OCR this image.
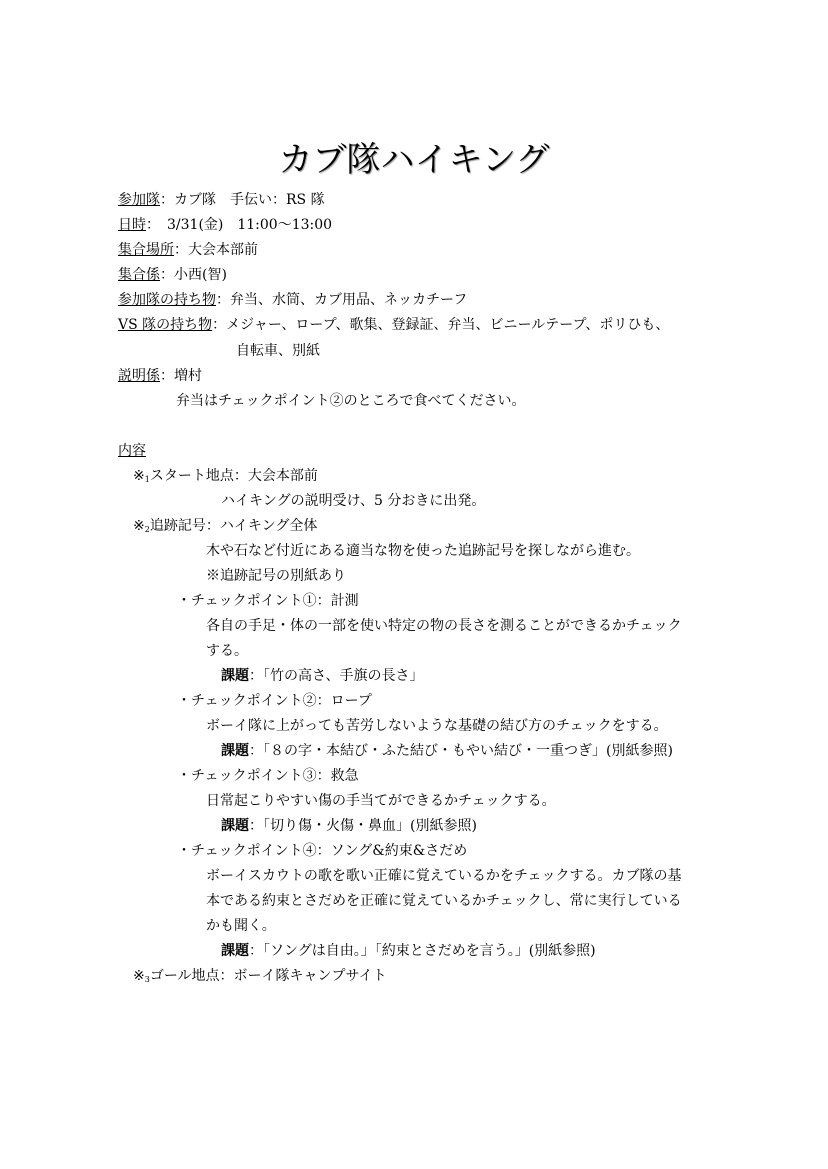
カブ隊ハイキング
参加隊：カブ隊　手伝い：RS 隊
日時：　3/31(金)　11:00～13:00
集合場所：大会本部前
集合係：小西(智)
参加隊の持ち物：弁当、水筒、カブ用品、ネッカチーフ
VS 隊の持ち物：メジャー、ロープ、歌集、登録証、弁当、ビニールテープ、ポリひも、
自転車、別紙
説明係：増村
弁当はチェックポイント②のところで食べてください。
内容
$※_1$スタート地点：大会本部前
ハイキングの説明受け、5 分おきに出発。
$※_2$追跡記号：ハイキング全体
木や石など付近にある適当な物を使った追跡記号を探しながら進む。
※追跡記号の別紙あり
・チェックポイント①：計測
各自の手足・体の一部を使い特定の物の長さを測ることができるかチェック
する。
課題：「竹の高さ、手旗の長さ」
・チェックポイント②：ロープ
ボーイ隊に上がっても苦労しないような基礎の結び方のチェックをする。
課題：「８の字・本結び・ふた結び・もやい結び・一重つぎ」(別紙参照)
・チェックポイント③：救急
日常起こりやすい傷の手当てができるかチェックする。
課題：「切り傷・火傷・鼻血」(別紙参照)
・チェックポイント④：ソング&約束&さだめ
ボーイスカウトの歌を歌い正確に覚えているかをチェックする。カブ隊の基
本である約束とさだめを正確に覚えているかチェックし、常に実行している
かも聞く。
課題：「ソングは自由。」「約束とさだめを言う。」(別紙参照)
$※_3$ゴール地点：ボーイ隊キャンプサイト
